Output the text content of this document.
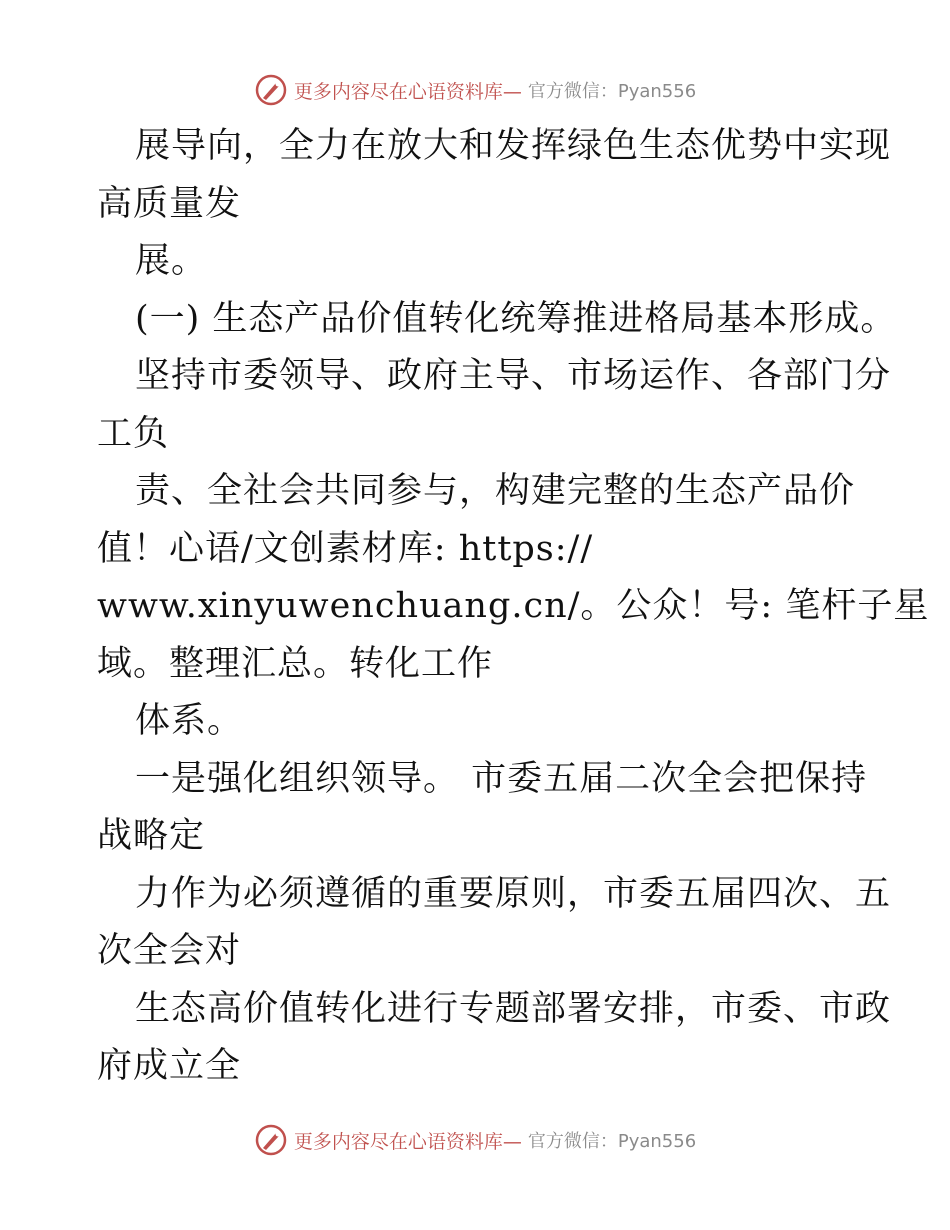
更多内容尽在心语资料库— 官方微信：Pyan556
展导向，全力在放大和发挥绿色生态优势中实现
高质量发
展。
(一) 生态产品价值转化统筹推进格局基本形成。
坚持市委领导、政府主导、市场运作、各部门分
工负
责、全社会共同参与，构建完整的生态产品价
值！心语/文创素材库: https://
www.xinyuwenchuang.cn/。公众！号: 笔杆子星
域。整理汇总。转化工作
体系。
一是强化组织领导。 市委五届二次全会把保持
战略定
力作为必须遵循的重要原则，市委五届四次、五
次全会对
生态高价值转化进行专题部署安排，市委、市政
府成立全
更多内容尽在心语资料库— 官方微信：Pyan556
